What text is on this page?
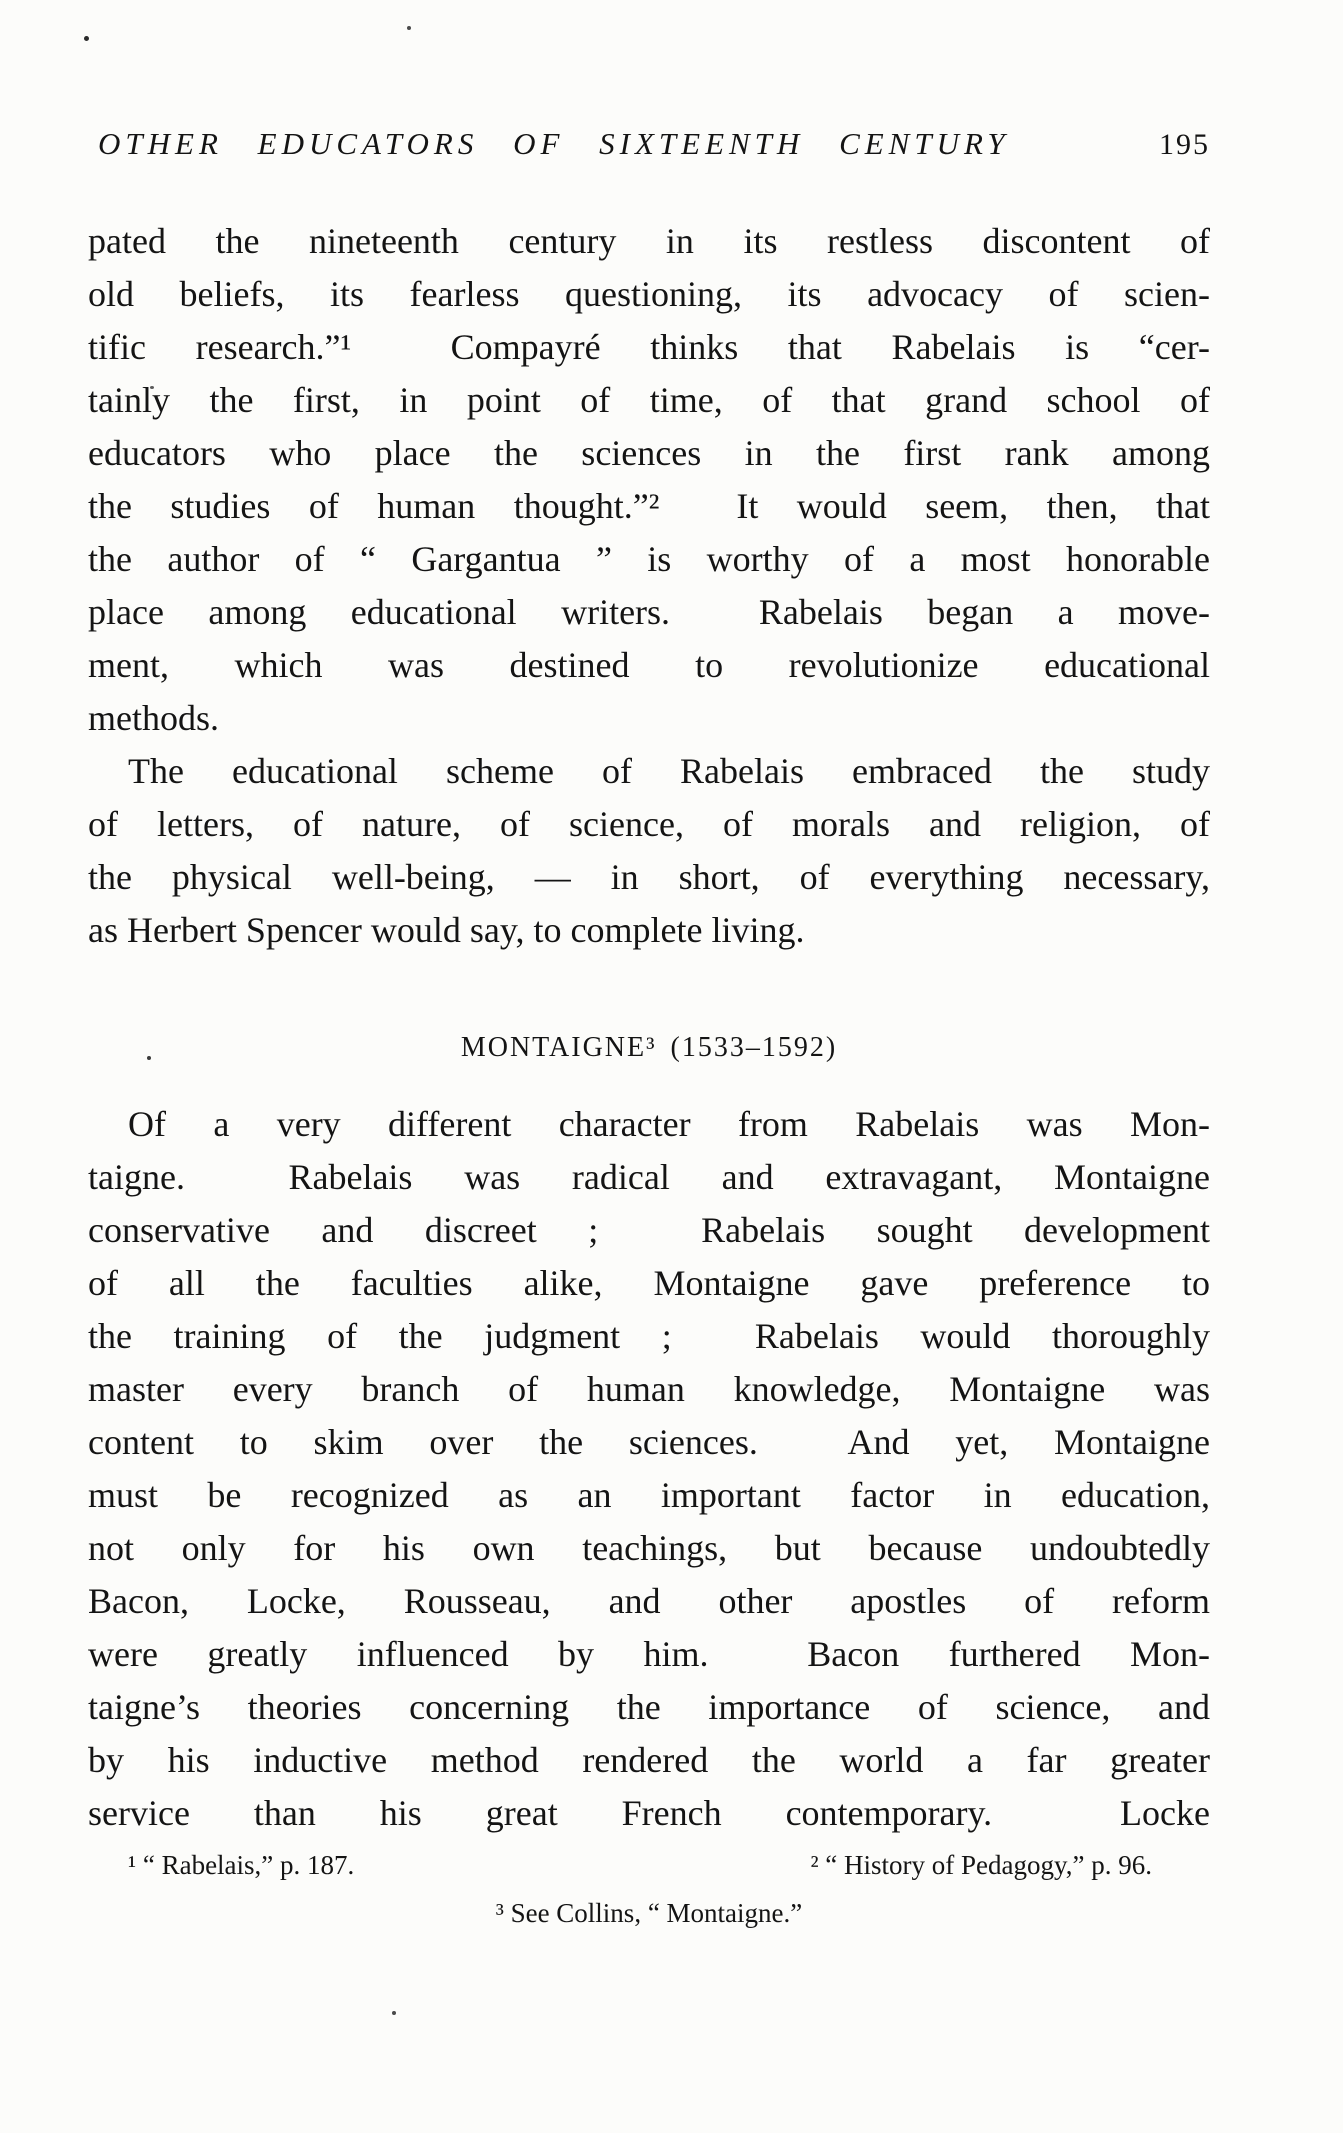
OTHER EDUCATORS OF SIXTEENTH CENTURY	195
pated the nineteenth century in its restless discontent of
old beliefs, its fearless questioning, its advocacy of scien-
tific research.”¹  Compayré thinks that Rabelais is “cer-
tainly the first, in point of time, of that grand school of
educators who place the sciences in the first rank among
the studies of human thought.”²  It would seem, then, that
the author of “ Gargantua ” is worthy of a most honorable
place among educational writers.  Rabelais began a move-
ment, which was destined to revolutionize educational
methods.
The educational scheme of Rabelais embraced the study
of letters, of nature, of science, of morals and religion, of
the physical well-being, — in short, of everything necessary,
as Herbert Spencer would say, to complete living.
MONTAIGNE³ (1533–1592)
Of a very different character from Rabelais was Mon-
taigne.  Rabelais was radical and extravagant, Montaigne
conservative and discreet ;  Rabelais sought development
of all the faculties alike, Montaigne gave preference to
the training of the judgment ;  Rabelais would thoroughly
master every branch of human knowledge, Montaigne was
content to skim over the sciences.  And yet, Montaigne
must be recognized as an important factor in education,
not only for his own teachings, but because undoubtedly
Bacon, Locke, Rousseau, and other apostles of reform
were greatly influenced by him.  Bacon furthered Mon-
taigne’s theories concerning the importance of science, and
by his inductive method rendered the world a far greater
service than his great French contemporary.  Locke
¹ “ Rabelais,” p. 187.	² “ History of Pedagogy,” p. 96.
³ See Collins, “ Montaigne.”
